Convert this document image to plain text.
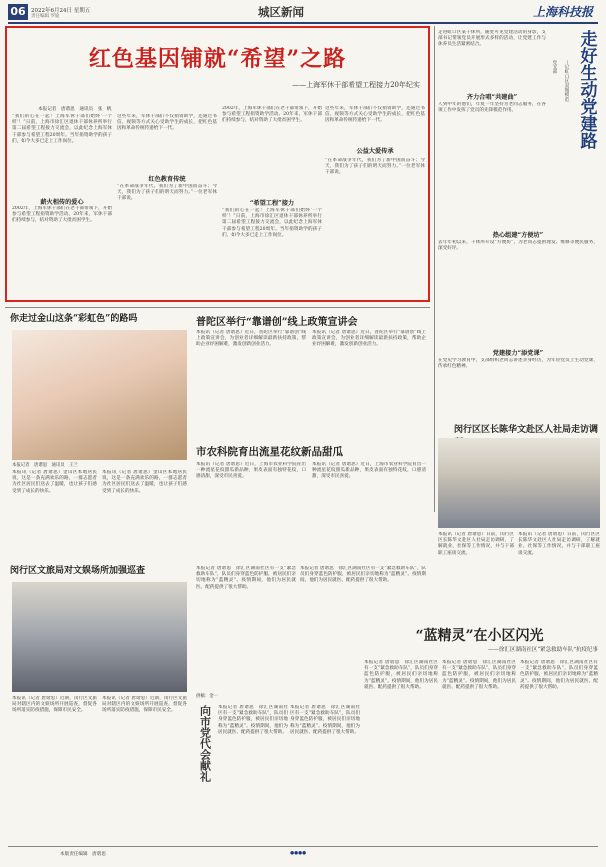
06 2022年6月24日 星期五
责任编辑 罗迪	城区新闻	上海科技报
红色基因铺就“希望”之路
——上海军休干部希望工程接力20年纪实
本报记者　唐谐思　通讯员　张　帆
“我们的心在一起！上海军休干部们始终‘一个样’！”日前，上海市徐汇区退休干部休养所举行第二届希望工程接力交流会，以此纪念上海军休干部参与希望工程20周年。当年捐资助学的孩子们，如今大多已走上工作岗位。
薪火相传的爱心
2002年，上海军休干部们在老干部带领下，开始参与希望工程捐资助学活动。20年来，军休干部们持续参与，结对资助了大批贫困学生。
这些年来，军休干部们不仅捐资助学，还通过书信、视频等方式关心受助学生的成长，把红色基因和革命传统传递给下一代。
红色教育传统
“在革命战争年代，我们为了新中国而奋斗；今天，我们为了孩子们的明天而努力。”一位老军休干部说。
2002年，上海军休干部们在老干部带领下，开始参与希望工程捐资助学活动。20年来，军休干部们持续参与，结对资助了大批贫困学生。
“希望工程”接力
“我们的心在一起！上海军休干部们始终‘一个样’！”日前，上海市徐汇区退休干部休养所举行第二届希望工程接力交流会，以此纪念上海军休干部参与希望工程20周年。当年捐资助学的孩子们，如今大多已走上工作岗位。
这些年来，军休干部们不仅捐资助学，还通过书信、视频等方式关心受助学生的成长，把红色基因和革命传统传递给下一代。
公益大爱传承
“在革命战争年代，我们为了新中国而奋斗；今天，我们为了孩子们的明天而努力。”一位老军休干部说。
走好生动党建路
—记虹口区双拥模范
党支部
走进虹口区某干休所，随处可见党建活动的身影，支部书记带领党员开展形式多样的活动，让党建工作与休养员生活紧密结合。
齐力合唱“共建曲”
人到中年的他们，年复一年坚持为老同志服务，在各项工作中发挥了党员的先锋模范作用。
热心组建“方便坊”
去年年初以来，干休所开设“方便坊”，为老同志提供理发、维修等便民服务，深受好评。
党建接力“添党课”
在党史学习教育中，支部组织老同志讲述亲身经历，为年轻党员上生动党课，传承红色精神。
闵行区区长陈华文赴区人社局走访调
本报讯（记者 唐谐思）日前，闵行区区长陈华文赴区人社局走访调研，了解就业、社保等工作情况，并与干部职工座谈交流。
本报讯（记者 唐谐思）日前，闵行区区长陈华文赴区人社局走访调研，了解就业、社保等工作情况，并与干部职工座谈交流。
你走过金山这条“彩虹色”的路吗
本报记者　唐谐思　通讯员　王兰
本报讯（记者 唐谐思）金山区本地居民说，这是一条充满欢乐的路，一群志愿者为社区居民们送去了温暖，也让孩子们感受到了成长的快乐。
本报讯（记者 唐谐思）金山区本地居民说，这是一条充满欢乐的路，一群志愿者为社区居民们送去了温暖，也让孩子们感受到了成长的快乐。
普陀区举行“靠谱创”线上政策宣讲会
本报讯（记者 唐谐思）近日，普陀区举行“靠谱创”线上政策宣讲会，为创业者详细解读最新扶持政策，帮助企业纾困解难，激发创新创业活力。
本报讯（记者 唐谐思）近日，普陀区举行“靠谱创”线上政策宣讲会，为创业者详细解读最新扶持政策，帮助企业纾困解难，激发创新创业活力。
市农科院育出流星花纹新品甜瓜
本报讯（记者 唐谐思）近日，上海市农业科学院育出一种流星花纹甜瓜新品种，果皮表面有独特花纹，口感清甜，深受市民喜爱。
本报讯（记者 唐谐思）近日，上海市农业科学院育出一种流星花纹甜瓜新品种，果皮表面有独特花纹，口感清甜，深受市民喜爱。
闵行区文旅局对文娱场所加强巡查
本报讯（记者 唐谐思）近期，闵行区文旅局对辖区内的文娱场所开展巡查，督促各场所落实防疫措施，保障市民安全。
本报讯（记者 唐谐思）近期，闵行区文旅局对辖区内的文娱场所开展巡查，督促各场所落实防疫措施，保障市民安全。
本报记者 唐谐思　徐汇区湖南社区有一支“紧急救助车队”，队员们身穿蓝色防护服，被居民们亲切地称为“蓝精灵”。疫情期间，他们为居民就医、配药提供了很大帮助。
本报记者 唐谐思　徐汇区湖南社区有一支“紧急救助车队”，队员们身穿蓝色防护服，被居民们亲切地称为“蓝精灵”。疫情期间，他们为居民就医、配药提供了很大帮助。
供稿：金一
向市党代会献礼 本报记者 唐谐思　徐汇区湖南社区有一支“紧急救助车队”，队员们身穿蓝色防护服，被居民们亲切地称为“蓝精灵”。疫情期间，他们为居民就医、配药提供了很大帮助。
本报记者 唐谐思　徐汇区湖南社区有一支“紧急救助车队”，队员们身穿蓝色防护服，被居民们亲切地称为“蓝精灵”。疫情期间，他们为居民就医、配药提供了很大帮助。
“蓝精灵”在小区闪光
——徐汇区湖南社区“紧急救助车队”抗疫纪事
本报记者 唐谐思　徐汇区湖南社区有一支“紧急救助车队”，队员们身穿蓝色防护服，被居民们亲切地称为“蓝精灵”。疫情期间，他们为居民就医、配药提供了很大帮助。
本报记者 唐谐思　徐汇区湖南社区有一支“紧急救助车队”，队员们身穿蓝色防护服，被居民们亲切地称为“蓝精灵”。疫情期间，他们为居民就医、配药提供了很大帮助。
本报记者 唐谐思　徐汇区湖南社区有一支“紧急救助车队”，队员们身穿蓝色防护服，被居民们亲切地称为“蓝精灵”。疫情期间，他们为居民就医、配药提供了很大帮助。
本版责任编辑　唐谐思	●●●●
